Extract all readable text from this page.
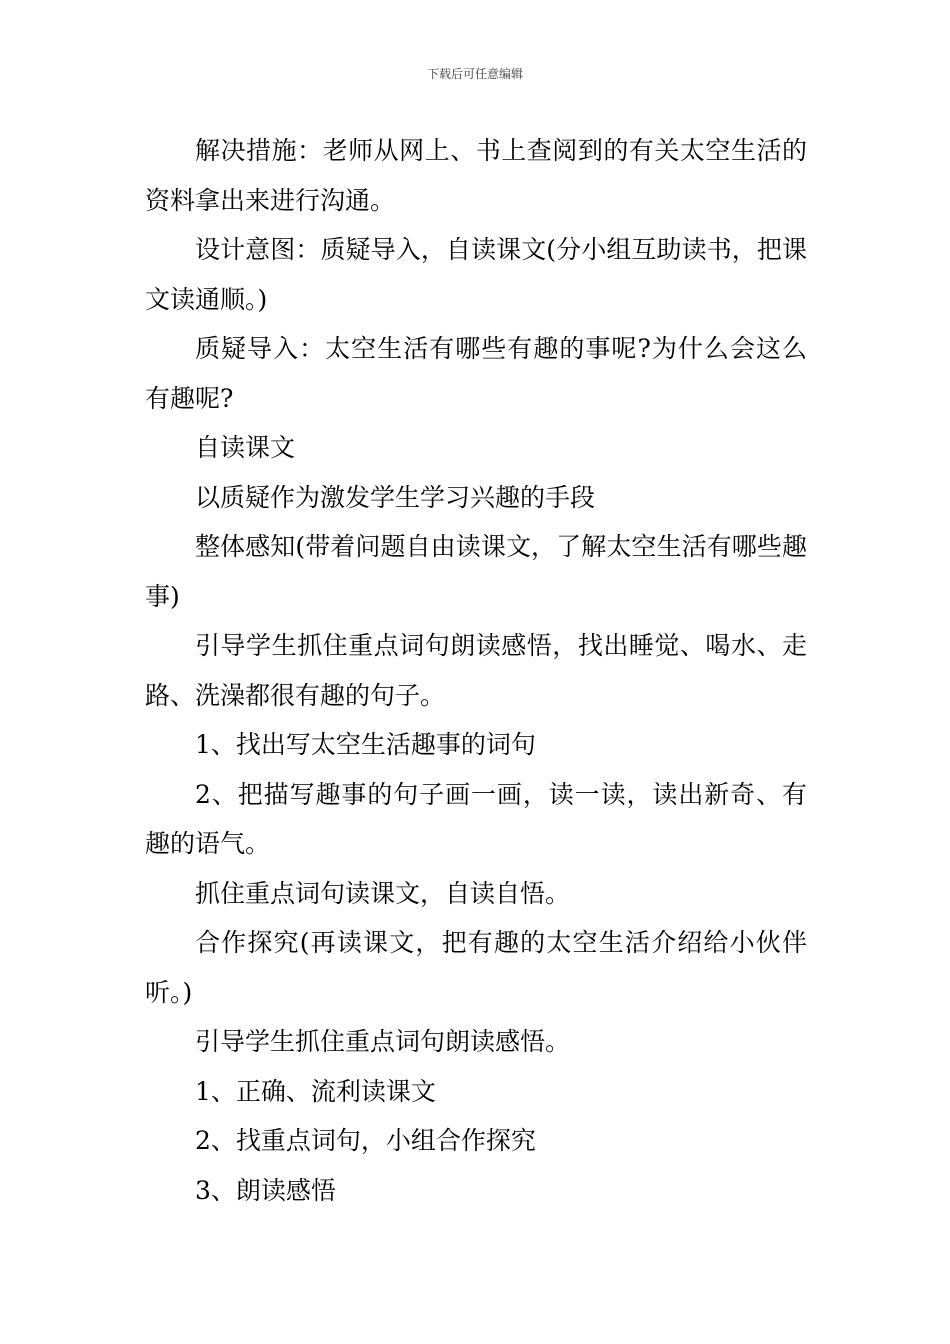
下载后可任意编辑

解决措施：老师从网上、书上查阅到的有关太空生活的资料拿出来进行沟通。

设计意图：质疑导入，自读课文(分小组互助读书，把课文读通顺。)

质疑导入：太空生活有哪些有趣的事呢?为什么会这么有趣呢?

自读课文

以质疑作为激发学生学习兴趣的手段

整体感知(带着问题自由读课文，了解太空生活有哪些趣事)

引导学生抓住重点词句朗读感悟，找出睡觉、喝水、走路、洗澡都很有趣的句子。

1、找出写太空生活趣事的词句

2、把描写趣事的句子画一画，读一读，读出新奇、有趣的语气。

抓住重点词句读课文，自读自悟。

合作探究(再读课文，把有趣的太空生活介绍给小伙伴听。)

引导学生抓住重点词句朗读感悟。

1、正确、流利读课文

2、找重点词句，小组合作探究

3、朗读感悟
